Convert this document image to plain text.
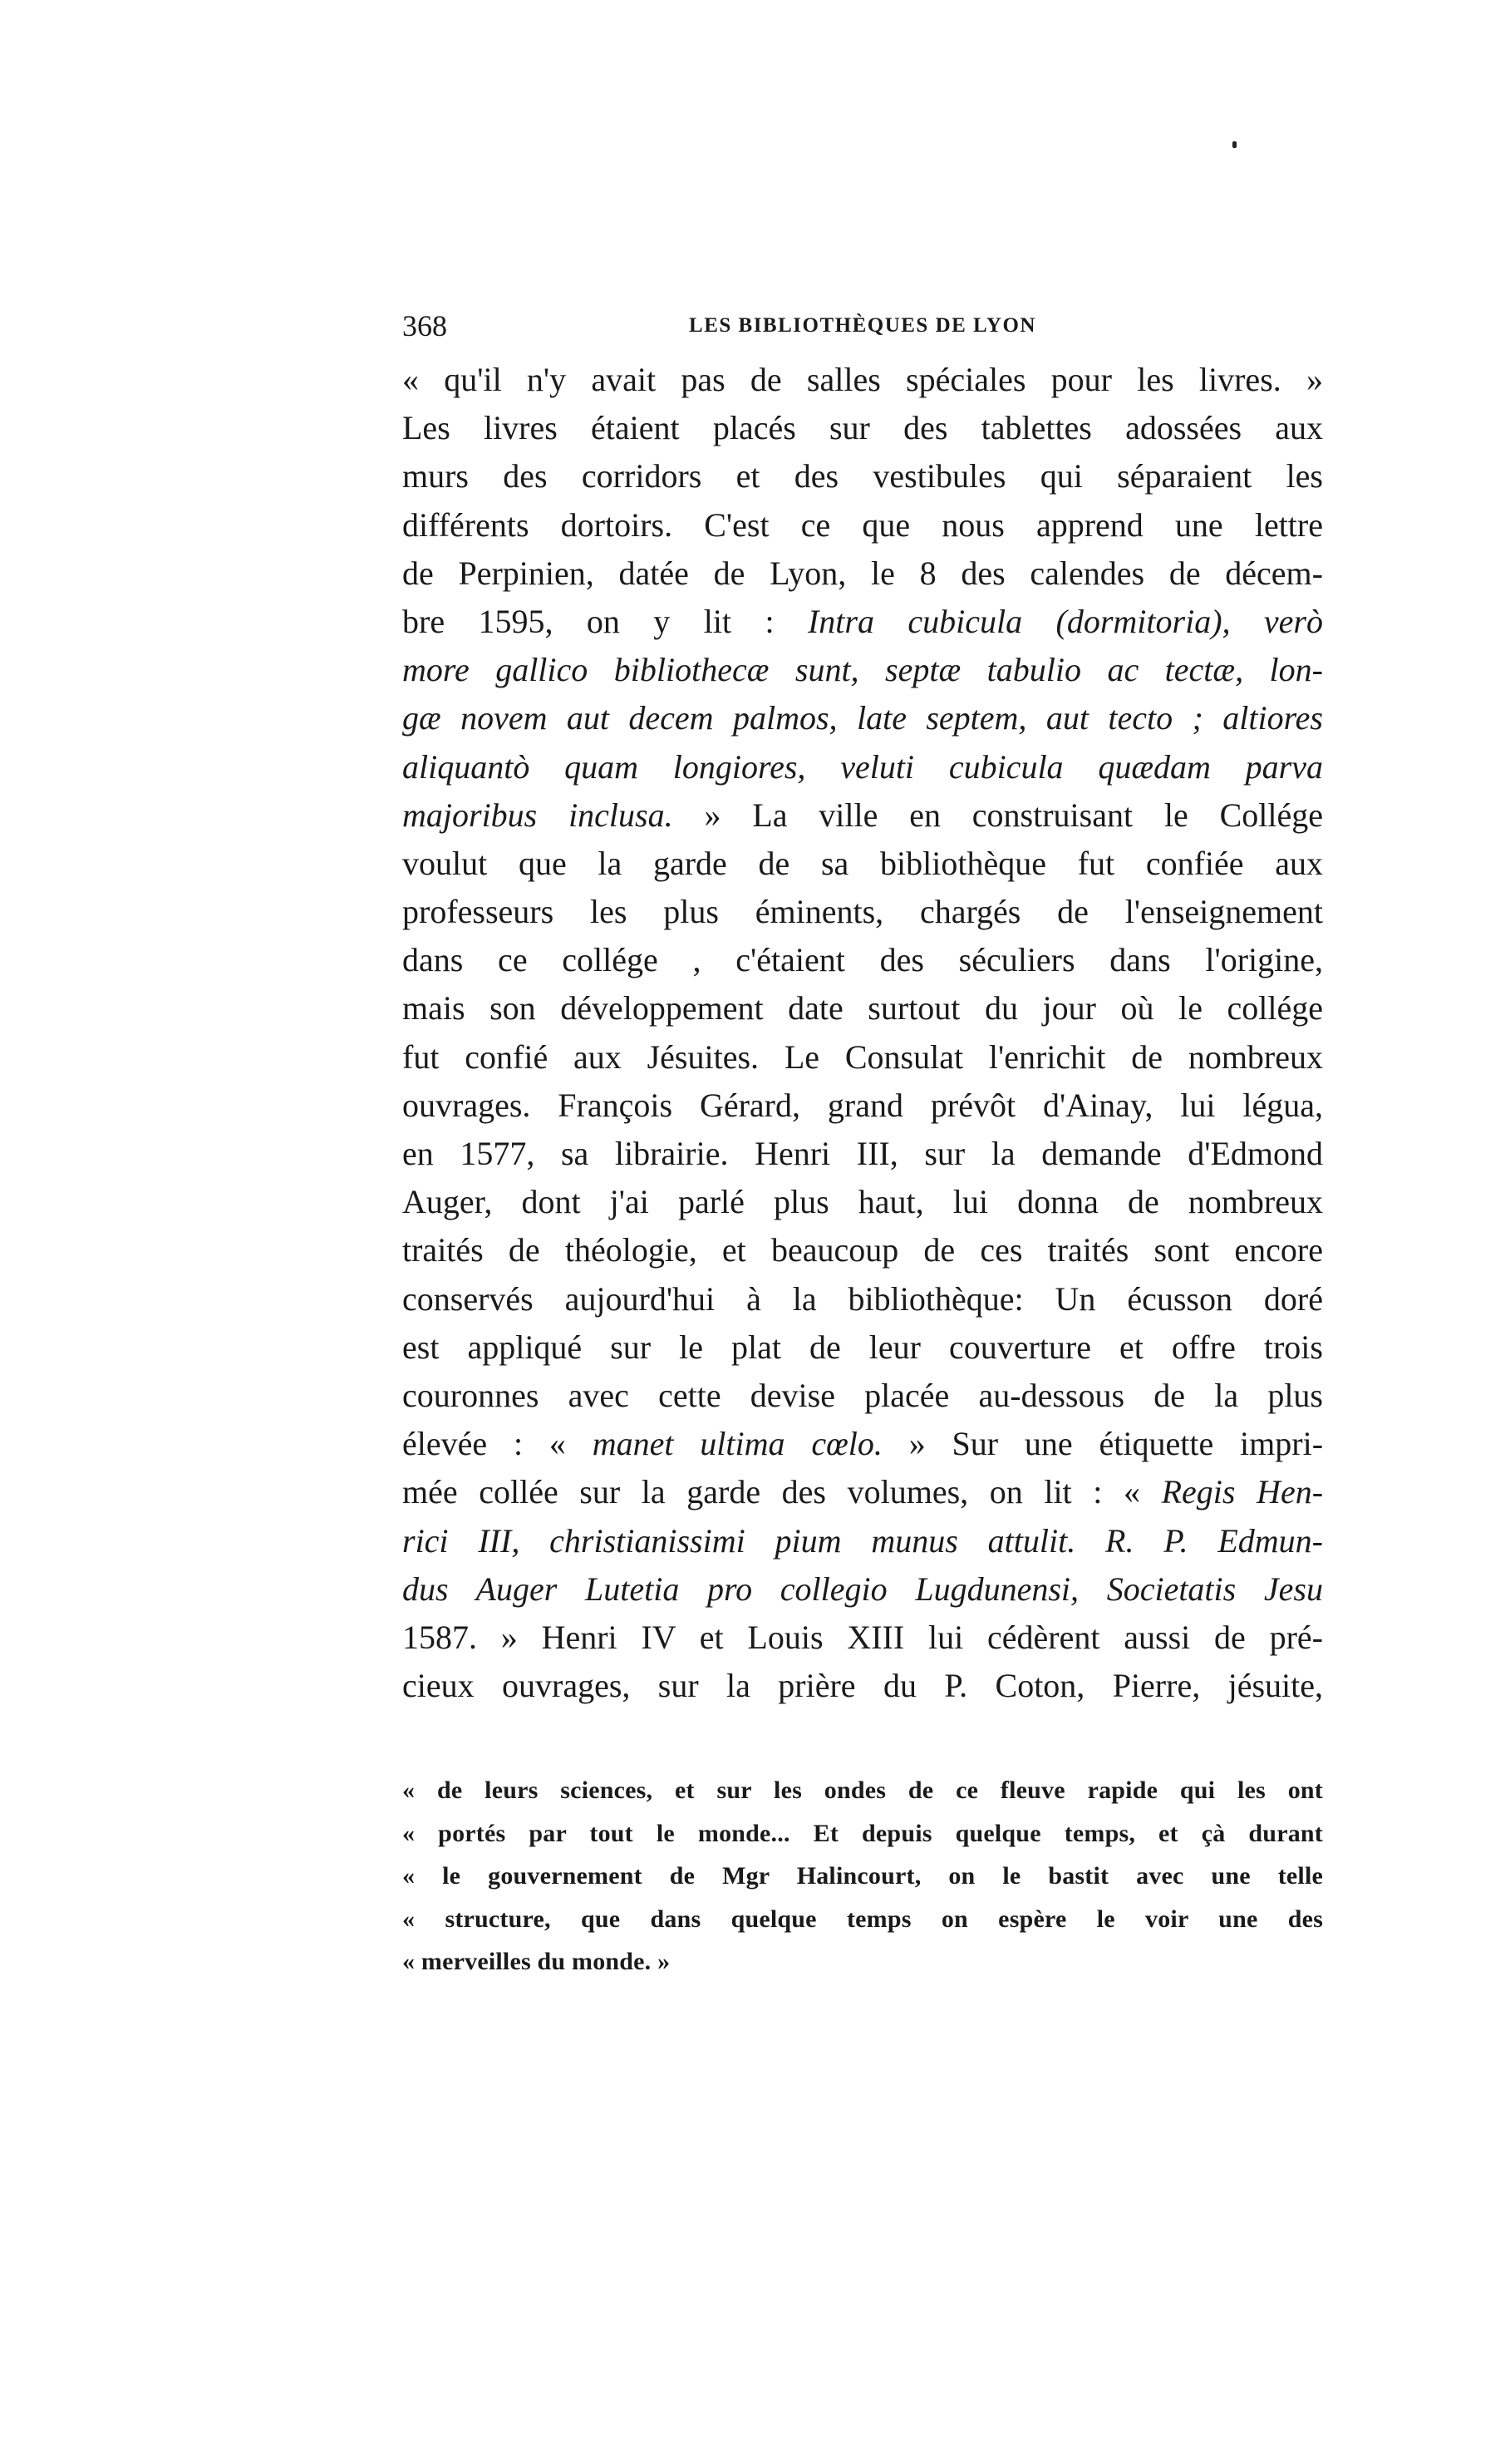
368	LES BIBLIOTHÈQUES DE LYON
« qu'il n'y avait pas de salles spéciales pour les livres. »
Les livres étaient placés sur des tablettes adossées aux
murs des corridors et des vestibules qui séparaient les
différents dortoirs. C'est ce que nous apprend une lettre
de Perpinien, datée de Lyon, le 8 des calendes de décem-
bre 1595, on y lit : Intra cubicula (dormitoria), verò
more gallico bibliothecæ sunt, septæ tabulio ac tectæ, lon-
gæ novem aut decem palmos, late septem, aut tecto ; altiores
aliquantò quam longiores, veluti cubicula quædam parva
majoribus inclusa. » La ville en construisant le Collége
voulut que la garde de sa bibliothèque fut confiée aux
professeurs les plus éminents, chargés de l'enseignement
dans ce collége , c'étaient des séculiers dans l'origine,
mais son développement date surtout du jour où le collége
fut confié aux Jésuites. Le Consulat l'enrichit de nombreux
ouvrages. François Gérard, grand prévôt d'Ainay, lui légua,
en 1577, sa librairie. Henri III, sur la demande d'Edmond
Auger, dont j'ai parlé plus haut, lui donna de nombreux
traités de théologie, et beaucoup de ces traités sont encore
conservés aujourd'hui à la bibliothèque: Un écusson doré
est appliqué sur le plat de leur couverture et offre trois
couronnes avec cette devise placée au-dessous de la plus
élevée : « manet ultima cœlo. » Sur une étiquette impri-
mée collée sur la garde des volumes, on lit : « Regis Hen-
rici III, christianissimi pium munus attulit. R. P. Edmun-
dus Auger Lutetia pro collegio Lugdunensi, Societatis Jesu
1587. » Henri IV et Louis XIII lui cédèrent aussi de pré-
cieux ouvrages, sur la prière du P. Coton, Pierre, jésuite,
« de leurs sciences, et sur les ondes de ce fleuve rapide qui les ont
« portés par tout le monde... Et depuis quelque temps, et çà durant
« le gouvernement de Mgr Halincourt, on le bastit avec une telle
« structure, que dans quelque temps on espère le voir une des
« merveilles du monde. »
